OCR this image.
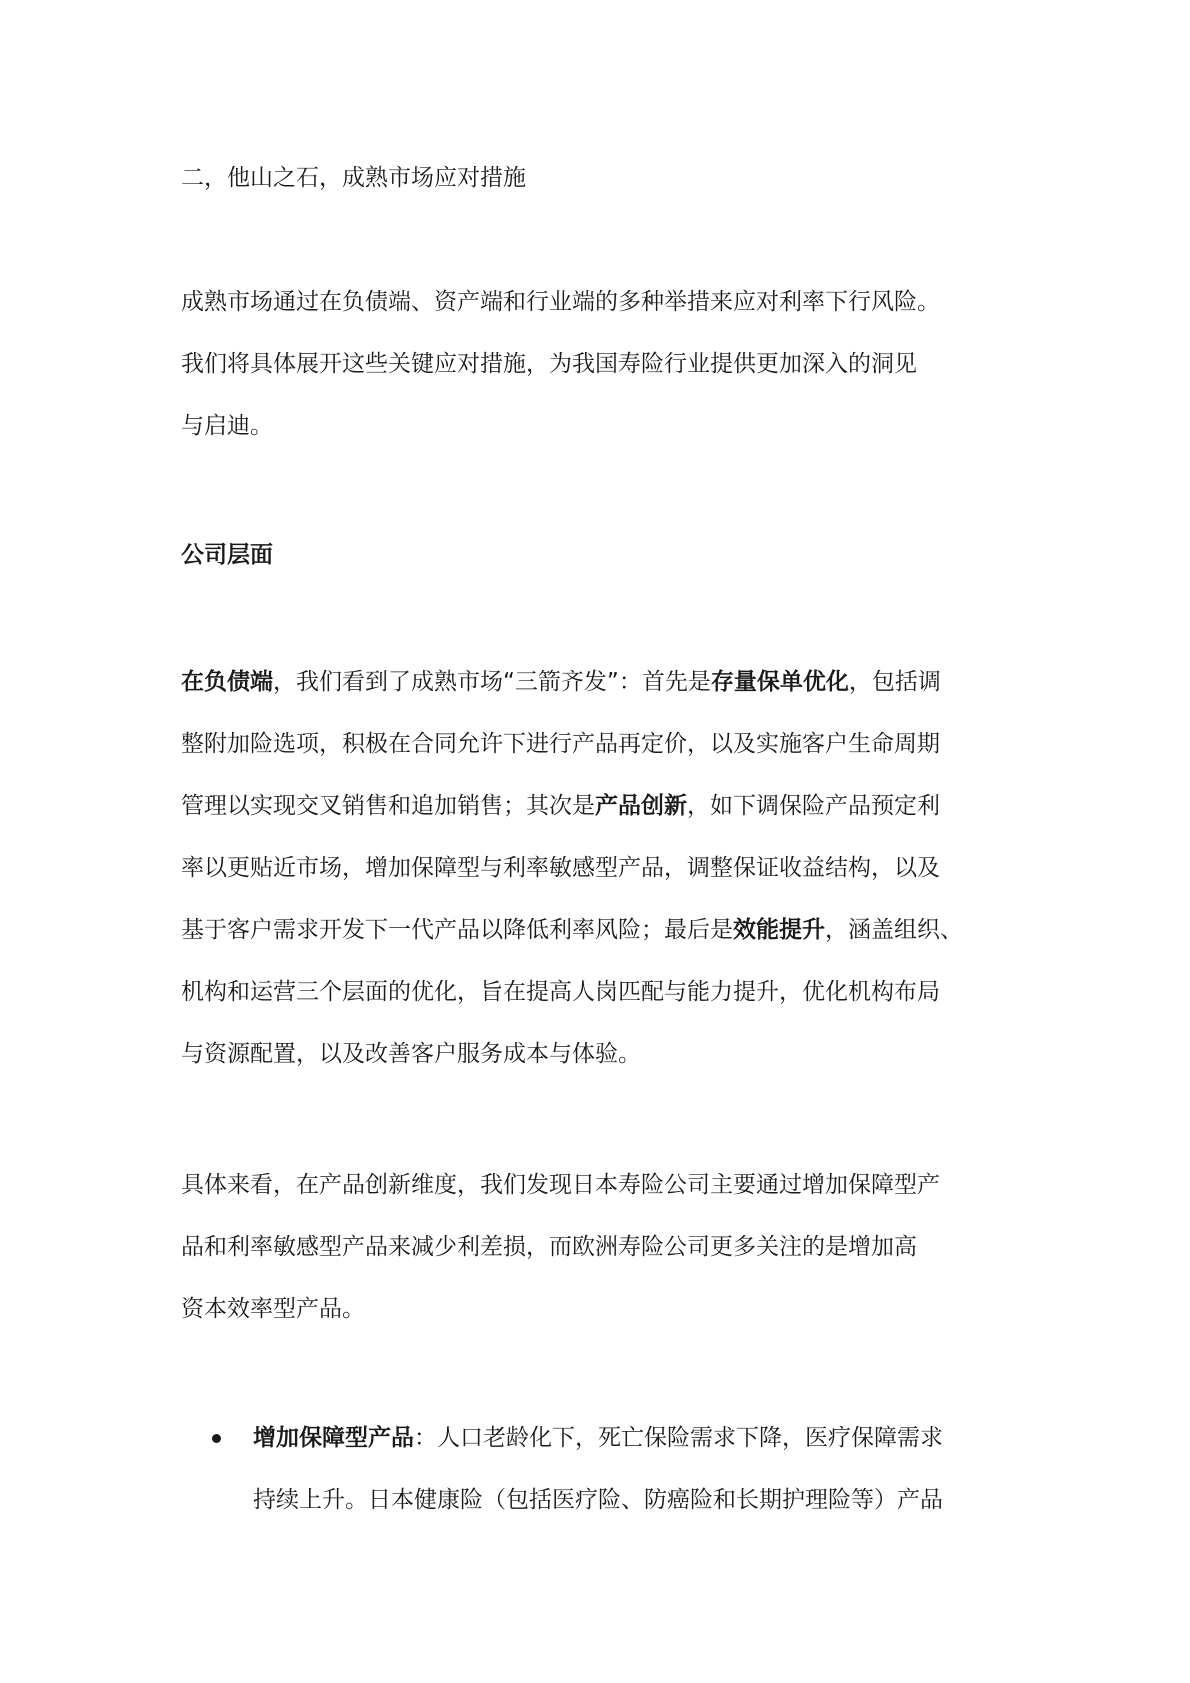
二，他山之石，成熟市场应对措施

成熟市场通过在负债端、资产端和行业端的多种举措来应对利率下行风险。
我们将具体展开这些关键应对措施，为我国寿险行业提供更加深入的洞见
与启迪。

公司层面

在负债端，我们看到了成熟市场“三箭齐发”：首先是存量保单优化，包括调
整附加险选项，积极在合同允许下进行产品再定价，以及实施客户生命周期
管理以实现交叉销售和追加销售；其次是产品创新，如下调保险产品预定利
率以更贴近市场，增加保障型与利率敏感型产品，调整保证收益结构，以及
基于客户需求开发下一代产品以降低利率风险；最后是效能提升，涵盖组织、
机构和运营三个层面的优化，旨在提高人岗匹配与能力提升，优化机构布局
与资源配置，以及改善客户服务成本与体验。

具体来看，在产品创新维度，我们发现日本寿险公司主要通过增加保障型产
品和利率敏感型产品来减少利差损，而欧洲寿险公司更多关注的是增加高
资本效率型产品。

增加保障型产品：人口老龄化下，死亡保险需求下降，医疗保障需求
持续上升。日本健康险（包括医疗险、防癌险和长期护理险等）产品
